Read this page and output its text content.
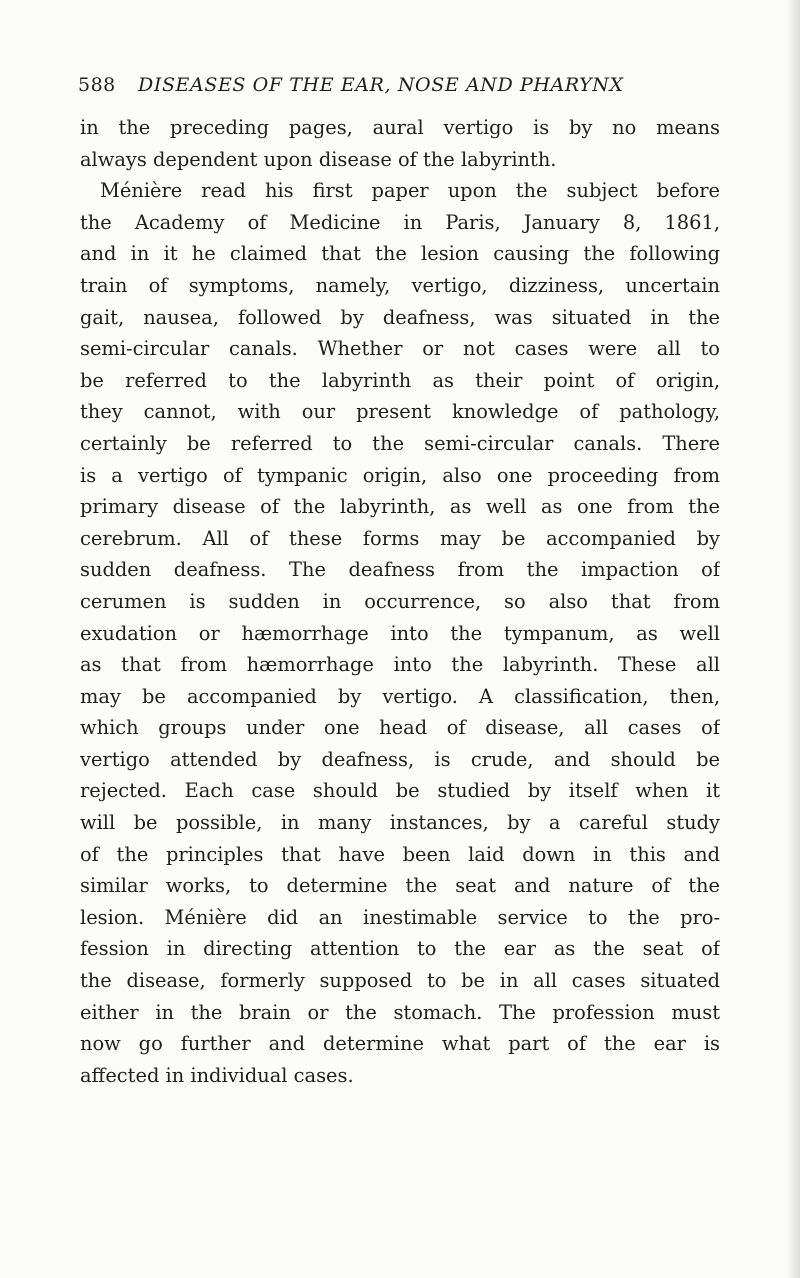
588 DISEASES OF THE EAR, NOSE AND PHARYNX
in the preceding pages, aural vertigo is by no means
always dependent upon disease of the labyrinth.
Ménière read his first paper upon the subject before
the Academy of Medicine in Paris, January 8, 1861,
and in it he claimed that the lesion causing the following
train of symptoms, namely, vertigo, dizziness, uncertain
gait, nausea, followed by deafness, was situated in the
semi-circular canals. Whether or not cases were all to
be referred to the labyrinth as their point of origin,
they cannot, with our present knowledge of pathology,
certainly be referred to the semi-circular canals. There
is a vertigo of tympanic origin, also one proceeding from
primary disease of the labyrinth, as well as one from the
cerebrum. All of these forms may be accompanied by
sudden deafness. The deafness from the impaction of
cerumen is sudden in occurrence, so also that from
exudation or hæmorrhage into the tympanum, as well
as that from hæmorrhage into the labyrinth. These all
may be accompanied by vertigo. A classification, then,
which groups under one head of disease, all cases of
vertigo attended by deafness, is crude, and should be
rejected. Each case should be studied by itself when it
will be possible, in many instances, by a careful study
of the principles that have been laid down in this and
similar works, to determine the seat and nature of the
lesion. Ménière did an inestimable service to the pro-
fession in directing attention to the ear as the seat of
the disease, formerly supposed to be in all cases situated
either in the brain or the stomach. The profession must
now go further and determine what part of the ear is
affected in individual cases.
